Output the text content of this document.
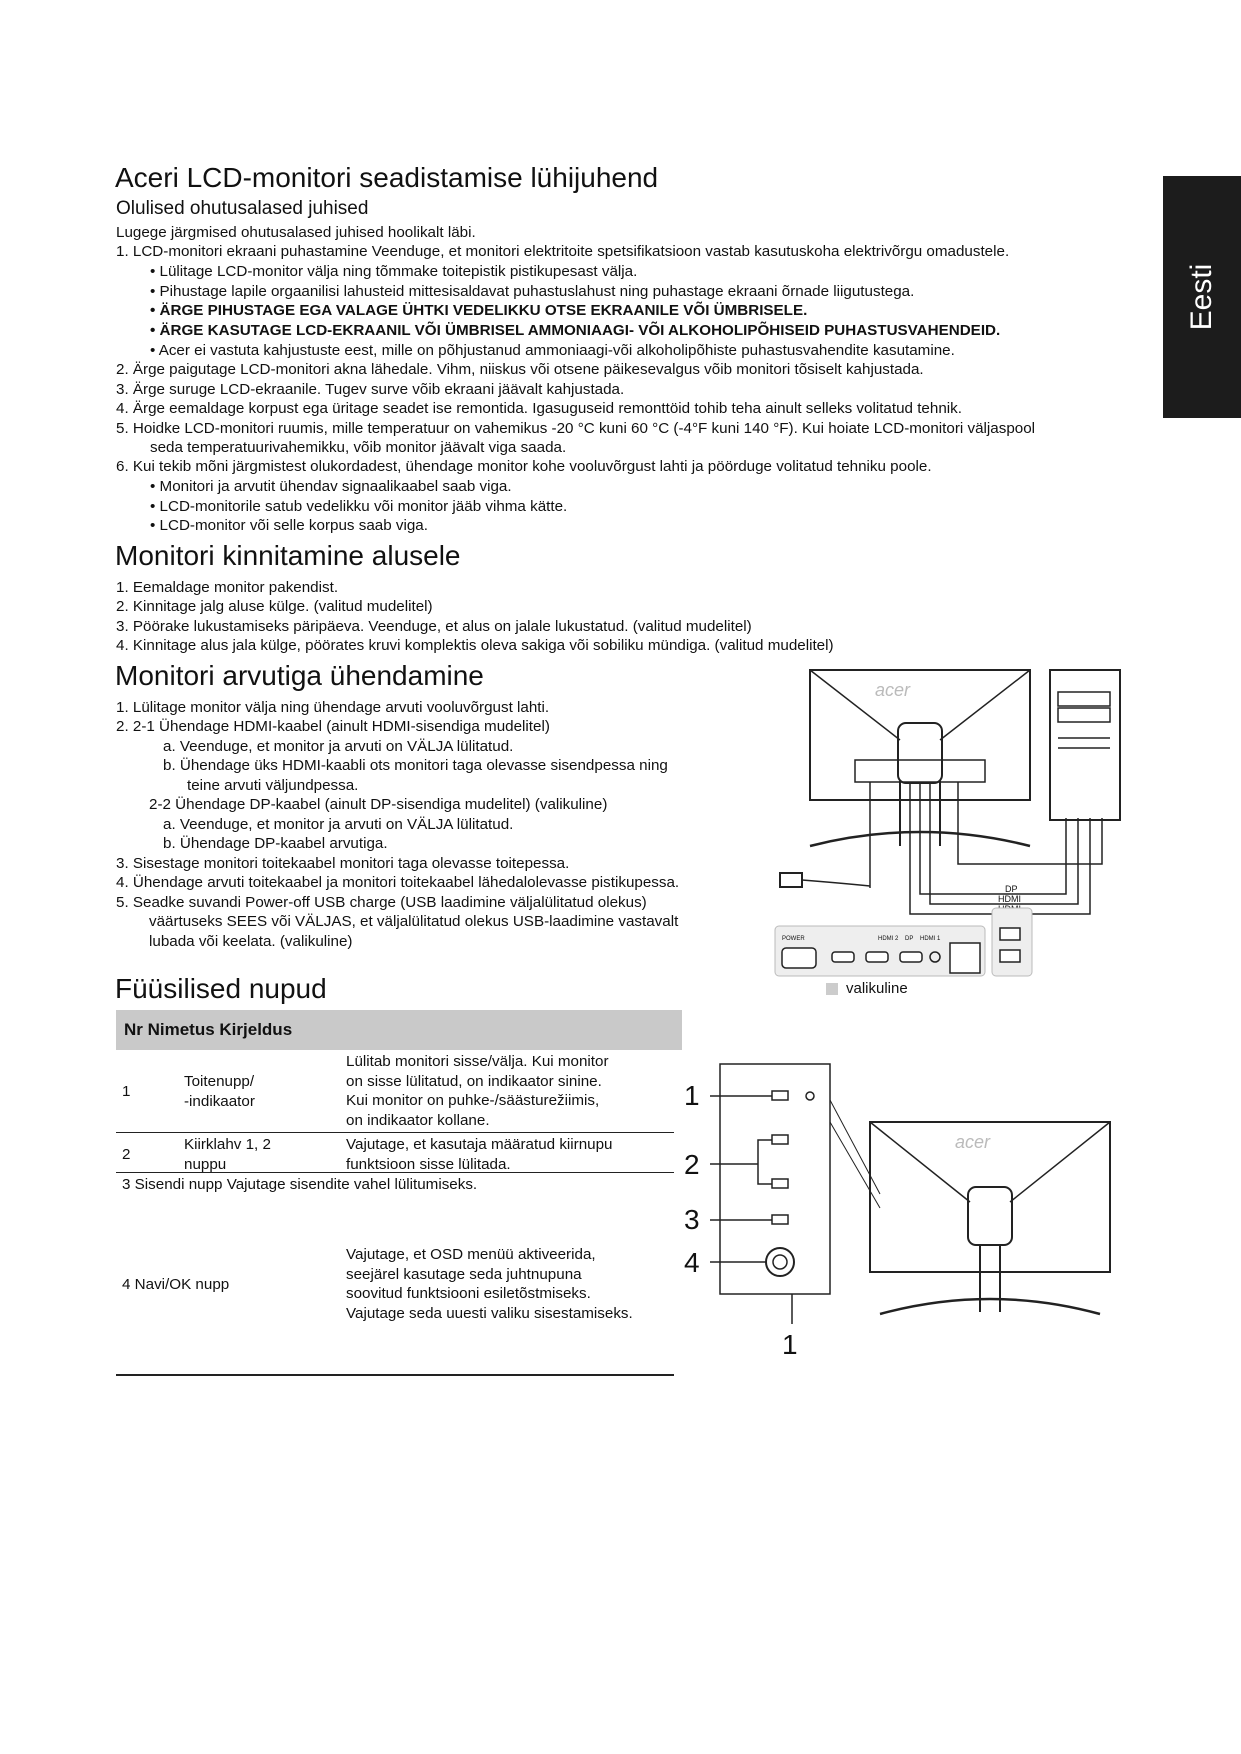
Eesti
Aceri LCD-monitori seadistamise lühijuhend
Olulised ohutusalased juhised

Lugege järgmised ohutusalased juhised hoolikalt läbi.

1. LCD-monitori ekraani puhastamine Veenduge, et monitori elektritoite spetsifikatsioon vastab kasutuskoha elektrivõrgu omadustele.

• Lülitage LCD-monitor välja ning tõmmake toitepistik pistikupesast välja.

• Pihustage lapile orgaanilisi lahusteid mittesisaldavat puhastuslahust ning puhastage ekraani õrnade liigutustega.

• ÄRGE PIHUSTAGE EGA VALAGE ÜHTKI VEDELIKKU OTSE EKRAANILE VÕI ÜMBRISELE.

• ÄRGE KASUTAGE LCD-EKRAANIL VÕI ÜMBRISEL AMMONIAAGI- VÕI ALKOHOLIPÕHISEID PUHASTUSVAHENDEID.

• Acer ei vastuta kahjustuste eest, mille on põhjustanud ammoniaagi-või alkoholipõhiste puhastusvahendite kasutamine.

2. Ärge paigutage LCD-monitori akna lähedale. Vihm, niiskus või otsene päikesevalgus võib monitori tõsiselt kahjustada.

3. Ärge suruge LCD-ekraanile. Tugev surve võib ekraani jäävalt kahjustada.

4. Ärge eemaldage korpust ega üritage seadet ise remontida. Igasuguseid remonttöid tohib teha ainult selleks volitatud tehnik.

5. Hoidke LCD-monitori ruumis, mille temperatuur on vahemikus -20 °C kuni 60 °C (-4°F kuni 140 °F). Kui hoiate LCD-monitori väljaspool

seda temperatuurivahemikku, võib monitor jäävalt viga saada.

6. Kui tekib mõni järgmistest olukordadest, ühendage monitor kohe vooluvõrgust lahti ja pöörduge volitatud tehniku poole.

• Monitori ja arvutit ühendav signaalikaabel saab viga.

• LCD-monitorile satub vedelikku või monitor jääb vihma kätte.

• LCD-monitor või selle korpus saab viga.

Monitori kinnitamine alusele

1. Eemaldage monitor pakendist.

2. Kinnitage jalg aluse külge. (valitud mudelitel)

3. Pöörake lukustamiseks päripäeva. Veenduge, et alus on jalale lukustatud. (valitud mudelitel)

4. Kinnitage alus jala külge, pöörates kruvi komplektis oleva sakiga või sobiliku mündiga. (valitud mudelitel)

Monitori arvutiga ühendamine

1. Lülitage monitor välja ning ühendage arvuti vooluvõrgust lahti.

2. 2-1 Ühendage HDMI-kaabel (ainult HDMI-sisendiga mudelitel)

a. Veenduge, et monitor ja arvuti on VÄLJA lülitatud.

b. Ühendage üks HDMI-kaabli ots monitori taga olevasse sisendpessa ning

teine arvuti väljundpessa.

2-2 Ühendage DP-kaabel (ainult DP-sisendiga mudelitel) (valikuline)

a. Veenduge, et monitor ja arvuti on VÄLJA lülitatud.

b. Ühendage DP-kaabel arvutiga.

3. Sisestage monitori toitekaabel monitori taga olevasse toitepessa.

4. Ühendage arvuti toitekaabel ja monitori toitekaabel lähedalolevasse pistikupessa.

5. Seadke suvandi Power-off USB charge (USB laadimine väljalülitatud olekus)

väärtuseks SEES või VÄLJAS, et väljalülitatud olekus USB-laadimine vastavalt

lubada või keelata. (valikuline)

acer
DP
HDMI
POWER	HDMI 2 DP HDMI 1
valikuline
Füüsilised nupud
Nr Nimetus Kirjeldus
1
Toitenupp/
-indikaator
Lülitab monitori sisse/välja. Kui monitor
on sisse lülitatud, on indikaator sinine.
Kui monitor on puhke-/säästurežiimis,
on indikaator kollane.
2
Kiirklahv 1, 2
nuppu
Vajutage, et kasutaja määratud kiirnupu
funktsioon sisse lülitada.
3 Sisendi nupp Vajutage sisendite vahel lülitumiseks.
4 Navi/OK nupp
Vajutage, et OSD menüü aktiveerida,
seejärel kasutage seda juhtnupuna
soovitud funktsiooni esiletõstmiseks.
Vajutage seda uuesti valiku sisestamiseks.
1
2
3
4
1
acer
